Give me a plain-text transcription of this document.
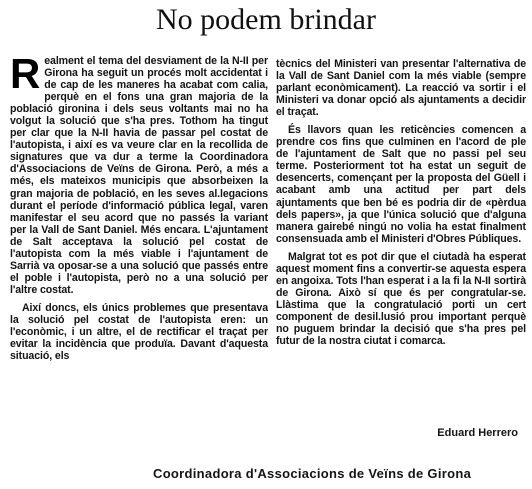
No podem brindar
R ealment el tema del desviament de la N-II per Girona ha seguit un procés molt accidentat i de cap de les maneres ha acabat com calia, perquè en el fons una gran majoria de la població gironina i dels seus voltants mai no ha volgut la solució que s'ha pres. Tothom ha tingut per clar que la N-II havia de passar pel costat de l'autopista, i així es va veure clar en la recollida de signatures que va dur a terme la Coordinadora d'Associacions de Veïns de Girona. Però, a més a més, els mateixos municipis que absorbeixen la gran majoria de població, en les seves al.legacions durant el període d'informació pública legal, varen manifestar el seu acord que no passés la variant per la Vall de Sant Daniel. Més encara. L'ajuntament de Salt acceptava la solució pel costat de l'autopista com la més viable i l'ajuntament de Sarrià va oposar-se a una solució que passés entre el poble i l'autopista, però no a una solució per l'altre costat.

Així doncs, els únics problemes que presentava la solució pel costat de l'autopista eren: un l'econòmic, i un altre, el de rectificar el traçat per evitar la incidència que produïa. Davant d'aquesta situació, els

tècnics del Ministeri van presentar l'alternativa de la Vall de Sant Daniel com la més viable (sempre parlant econòmicament). La reacció va sortir i el Ministeri va donar opció als ajuntaments a decidir el traçat.

És llavors quan les reticències comencen a prendre cos fins que culminen en l'acord de ple de l'ajuntament de Salt que no passi pel seu terme. Posteriorment tot ha estat un seguit de desencerts, començant per la proposta del Güell i acabant amb una actitud per part dels ajuntaments que ben bé es podria dir de «pèrdua dels papers», ja que l'única solució que d'alguna manera gairebé ningú no volia ha estat finalment consensuada amb el Ministeri d'Obres Públiques.

Malgrat tot es pot dir que el ciutadà ha esperat aquest moment fins a convertir-se aquesta espera en angoixa. Tots l'han esperat i a la fi la N-II sortirà de Girona. Això sí que és per congratular-se. Llàstima que la congratulació porti un cert component de desil.lusió prou important perquè no puguem brindar la decisió que s'ha pres pel futur de la nostra ciutat i comarca.

Eduard Herrero
Coordinadora d'Associacions de Veïns de Girona
